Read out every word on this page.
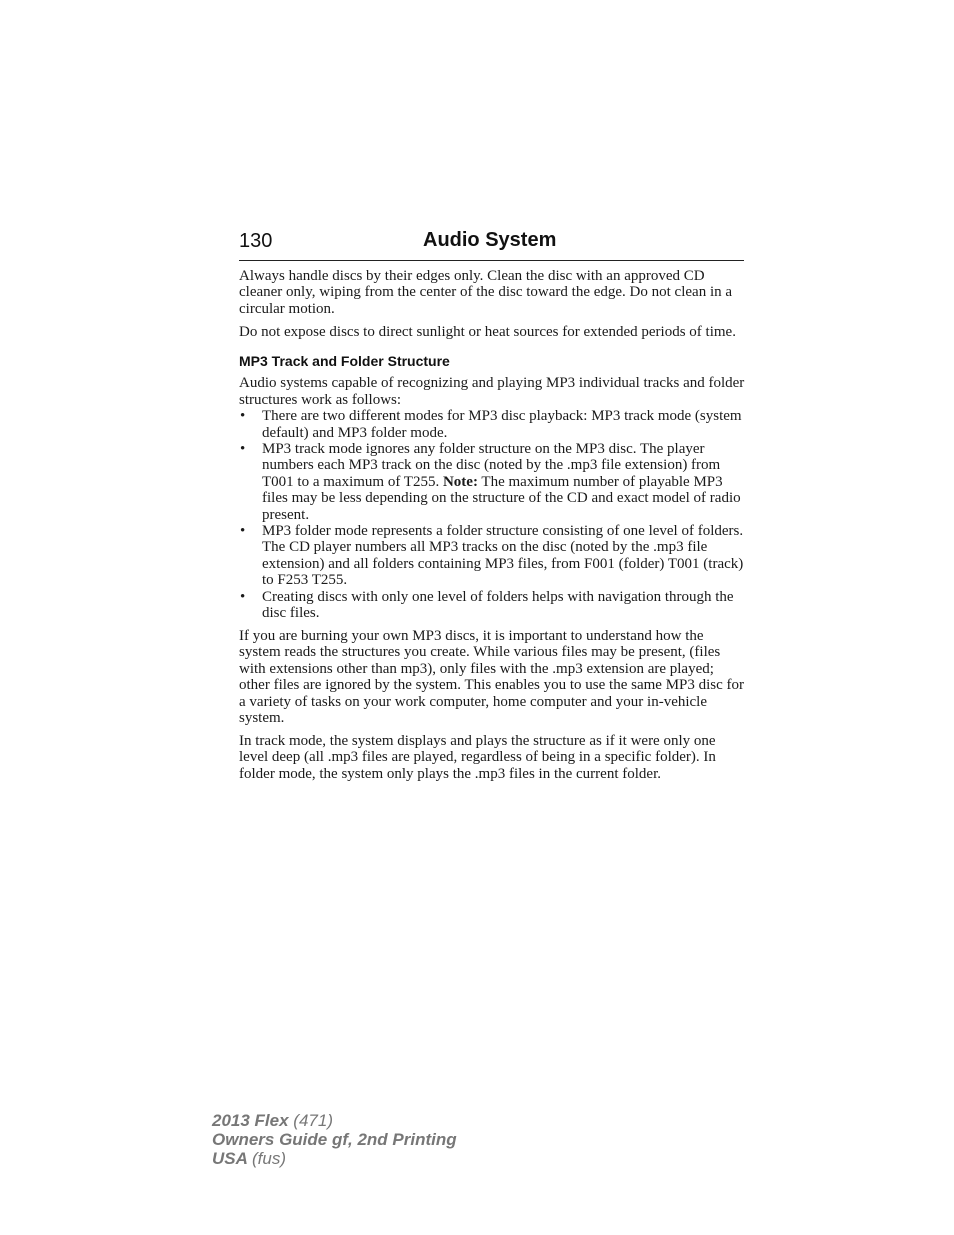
130	Audio System

Always handle discs by their edges only. Clean the disc with an approved CD cleaner only, wiping from the center of the disc toward the edge. Do not clean in a circular motion.

Do not expose discs to direct sunlight or heat sources for extended periods of time.

MP3 Track and Folder Structure

Audio systems capable of recognizing and playing MP3 individual tracks and folder structures work as follows:

• There are two different modes for MP3 disc playback: MP3 track mode (system default) and MP3 folder mode.
• MP3 track mode ignores any folder structure on the MP3 disc. The player numbers each MP3 track on the disc (noted by the .mp3 file extension) from T001 to a maximum of T255. Note: The maximum number of playable MP3 files may be less depending on the structure of the CD and exact model of radio present.
• MP3 folder mode represents a folder structure consisting of one level of folders. The CD player numbers all MP3 tracks on the disc (noted by the .mp3 file extension) and all folders containing MP3 files, from F001 (folder) T001 (track) to F253 T255.
• Creating discs with only one level of folders helps with navigation through the disc files.

If you are burning your own MP3 discs, it is important to understand how the system reads the structures you create. While various files may be present, (files with extensions other than mp3), only files with the .mp3 extension are played; other files are ignored by the system. This enables you to use the same MP3 disc for a variety of tasks on your work computer, home computer and your in-vehicle system.

In track mode, the system displays and plays the structure as if it were only one level deep (all .mp3 files are played, regardless of being in a specific folder). In folder mode, the system only plays the .mp3 files in the current folder.

2013 Flex (471)
Owners Guide gf, 2nd Printing
USA (fus)
